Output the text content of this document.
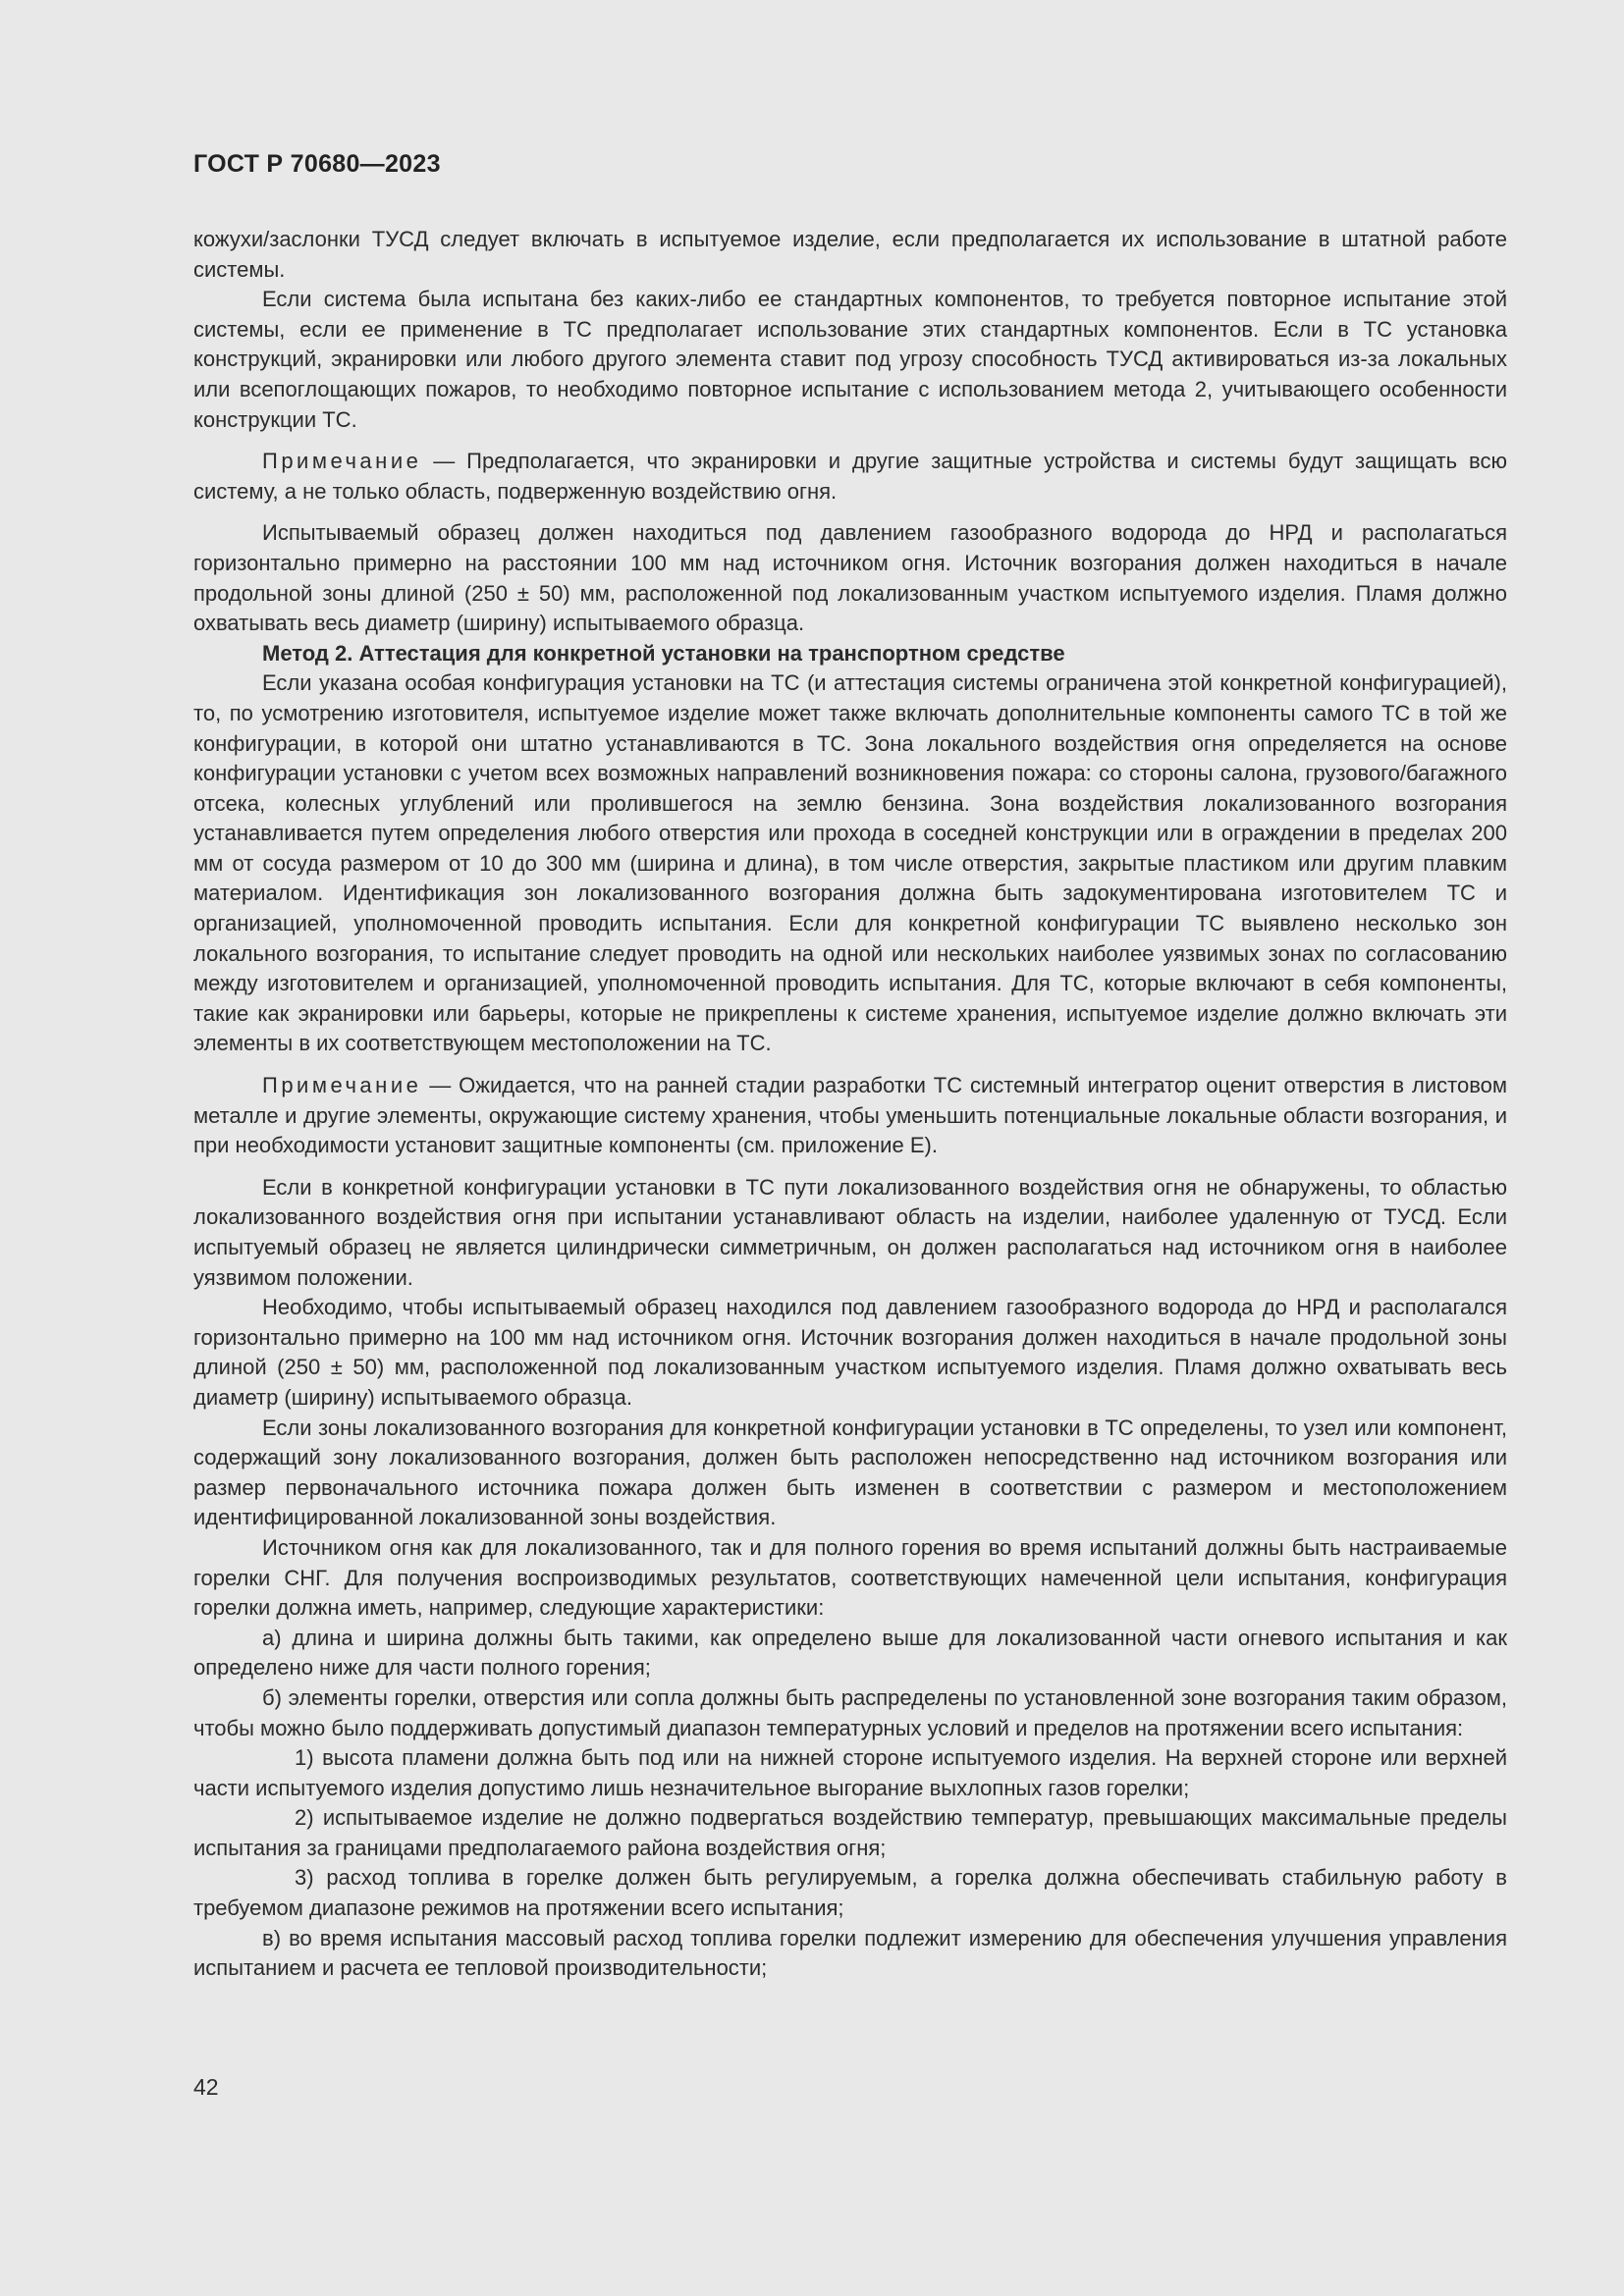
ГОСТ Р 70680—2023

кожухи/заслонки ТУСД следует включать в испытуемое изделие, если предполагается их использование в штатной работе системы.

Если система была испытана без каких-либо ее стандартных компонентов, то требуется повторное испытание этой системы, если ее применение в ТС предполагает использование этих стандартных компонентов. Если в ТС установка конструкций, экранировки или любого другого элемента ставит под угрозу способность ТУСД активироваться из-за локальных или всепоглощающих пожаров, то необходимо повторное испытание с использованием метода 2, учитывающего особенности конструкции ТС.

Примечание — Предполагается, что экранировки и другие защитные устройства и системы будут защищать всю систему, а не только область, подверженную воздействию огня.

Испытываемый образец должен находиться под давлением газообразного водорода до НРД и располагаться горизонтально примерно на расстоянии 100 мм над источником огня. Источник возгорания должен находиться в начале продольной зоны длиной (250 ± 50) мм, расположенной под локализованным участком испытуемого изделия. Пламя должно охватывать весь диаметр (ширину) испытываемого образца.

Метод 2. Аттестация для конкретной установки на транспортном средстве

Если указана особая конфигурация установки на ТС (и аттестация системы ограничена этой конкретной конфигурацией), то, по усмотрению изготовителя, испытуемое изделие может также включать дополнительные компоненты самого ТС в той же конфигурации, в которой они штатно устанавливаются в ТС. Зона локального воздействия огня определяется на основе конфигурации установки с учетом всех возможных направлений возникновения пожара: со стороны салона, грузового/багажного отсека, колесных углублений или пролившегося на землю бензина. Зона воздействия локализованного возгорания устанавливается путем определения любого отверстия или прохода в соседней конструкции или в ограждении в пределах 200 мм от сосуда размером от 10 до 300 мм (ширина и длина), в том числе отверстия, закрытые пластиком или другим плавким материалом. Идентификация зон локализованного возгорания должна быть задокументирована изготовителем ТС и организацией, уполномоченной проводить испытания. Если для конкретной конфигурации ТС выявлено несколько зон локального возгорания, то испытание следует проводить на одной или нескольких наиболее уязвимых зонах по согласованию между изготовителем и организацией, уполномоченной проводить испытания. Для ТС, которые включают в себя компоненты, такие как экранировки или барьеры, которые не прикреплены к системе хранения, испытуемое изделие должно включать эти элементы в их соответствующем местоположении на ТС.

Примечание — Ожидается, что на ранней стадии разработки ТС системный интегратор оценит отверстия в листовом металле и другие элементы, окружающие систему хранения, чтобы уменьшить потенциальные локальные области возгорания, и при необходимости установит защитные компоненты (см. приложение Е).

Если в конкретной конфигурации установки в ТС пути локализованного воздействия огня не обнаружены, то областью локализованного воздействия огня при испытании устанавливают область на изделии, наиболее удаленную от ТУСД. Если испытуемый образец не является цилиндрически симметричным, он должен располагаться над источником огня в наиболее уязвимом положении.

Необходимо, чтобы испытываемый образец находился под давлением газообразного водорода до НРД и располагался горизонтально примерно на 100 мм над источником огня. Источник возгорания должен находиться в начале продольной зоны длиной (250 ± 50) мм, расположенной под локализованным участком испытуемого изделия. Пламя должно охватывать весь диаметр (ширину) испытываемого образца.

Если зоны локализованного возгорания для конкретной конфигурации установки в ТС определены, то узел или компонент, содержащий зону локализованного возгорания, должен быть расположен непосредственно над источником возгорания или размер первоначального источника пожара должен быть изменен в соответствии с размером и местоположением идентифицированной локализованной зоны воздействия.

Источником огня как для локализованного, так и для полного горения во время испытаний должны быть настраиваемые горелки СНГ. Для получения воспроизводимых результатов, соответствующих намеченной цели испытания, конфигурация горелки должна иметь, например, следующие характеристики:

а) длина и ширина должны быть такими, как определено выше для локализованной части огневого испытания и как определено ниже для части полного горения;

б) элементы горелки, отверстия или сопла должны быть распределены по установленной зоне возгорания таким образом, чтобы можно было поддерживать допустимый диапазон температурных условий и пределов на протяжении всего испытания:

1) высота пламени должна быть под или на нижней стороне испытуемого изделия. На верхней стороне или верхней части испытуемого изделия допустимо лишь незначительное выгорание выхлопных газов горелки;

2) испытываемое изделие не должно подвергаться воздействию температур, превышающих максимальные пределы испытания за границами предполагаемого района воздействия огня;

3) расход топлива в горелке должен быть регулируемым, а горелка должна обеспечивать стабильную работу в требуемом диапазоне режимов на протяжении всего испытания;

в) во время испытания массовый расход топлива горелки подлежит измерению для обеспечения улучшения управления испытанием и расчета ее тепловой производительности;

42
